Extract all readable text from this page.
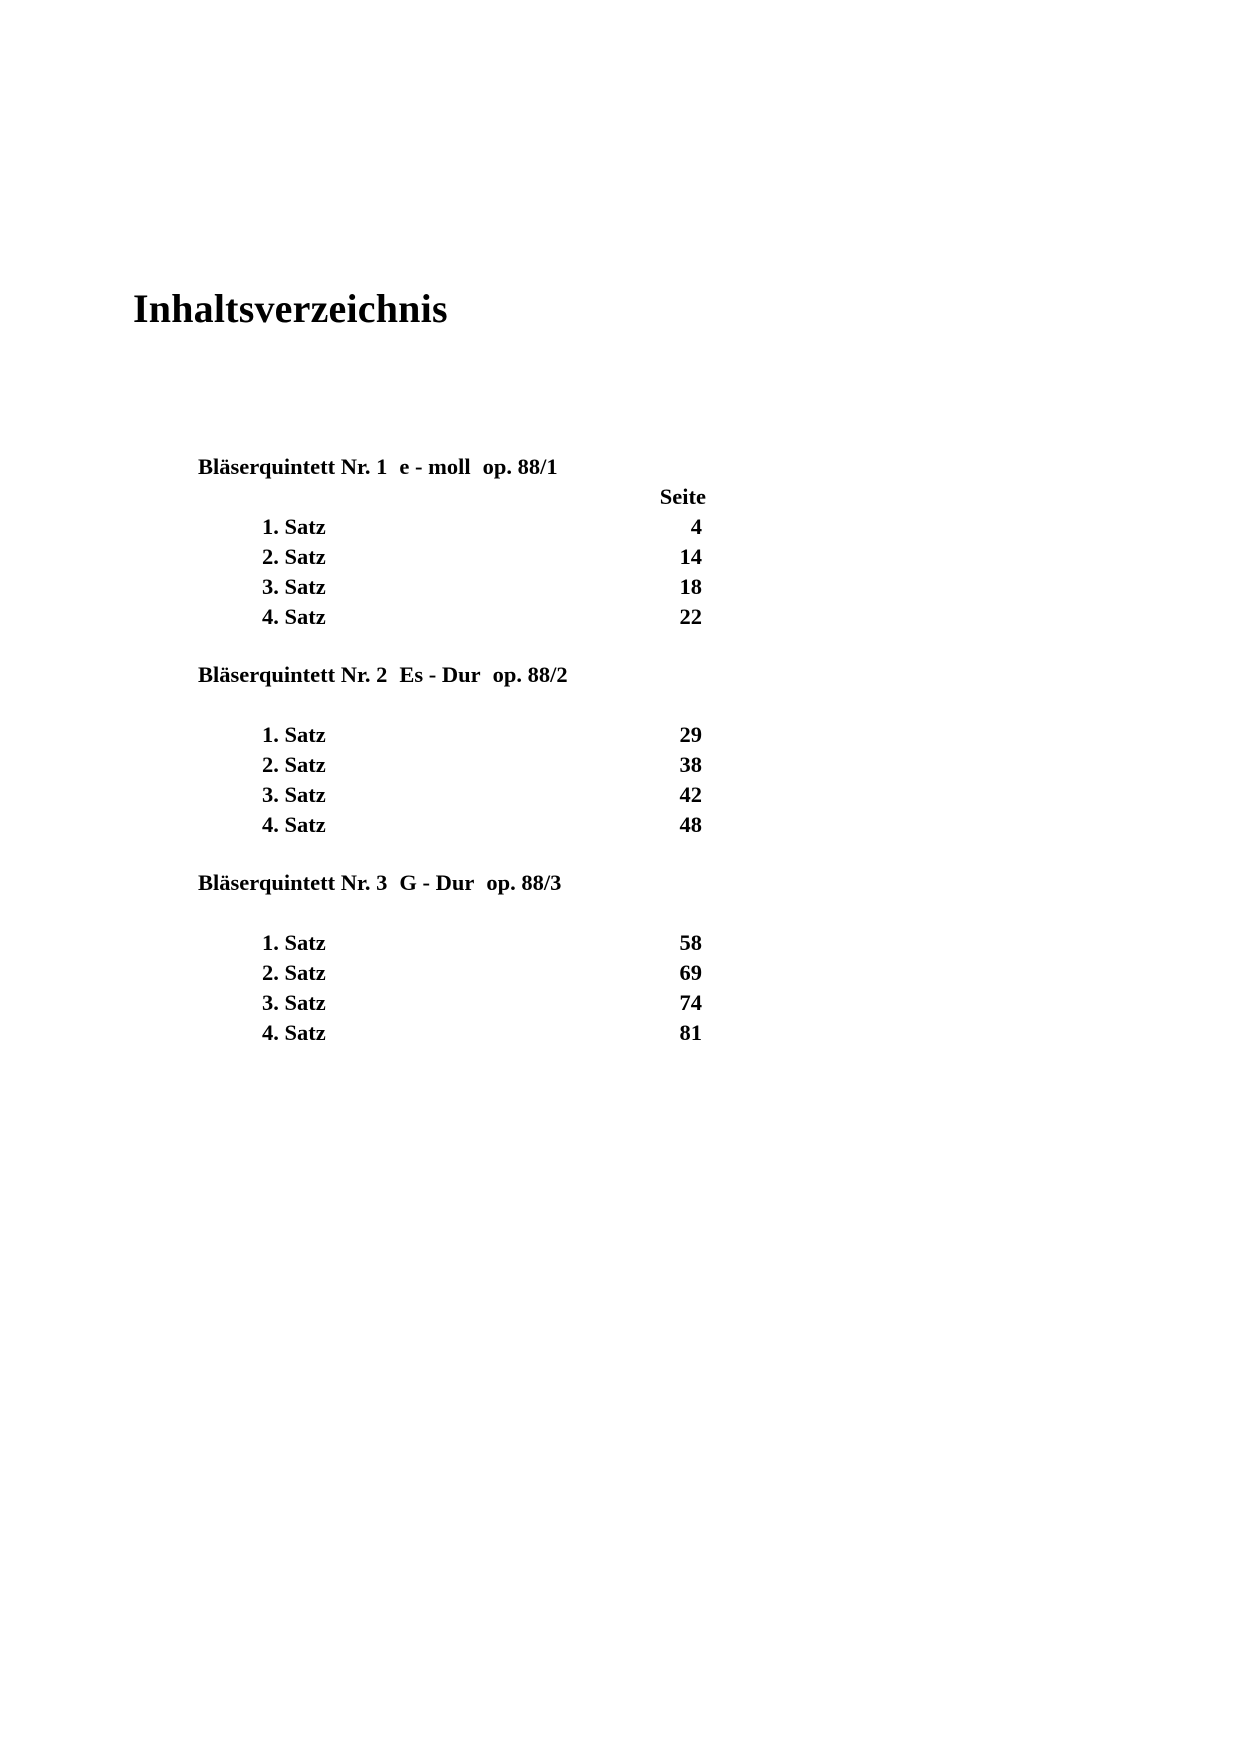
Inhaltsverzeichnis
Bläserquintett Nr. 1 e - moll op. 88/1
Seite
1. Satz	4
2. Satz	14
3. Satz	18
4. Satz	22
Bläserquintett Nr. 2 Es - Dur op. 88/2
1. Satz	29
2. Satz	38
3. Satz	42
4. Satz	48
Bläserquintett Nr. 3 G - Dur op. 88/3
1. Satz	58
2. Satz	69
3. Satz	74
4. Satz	81
